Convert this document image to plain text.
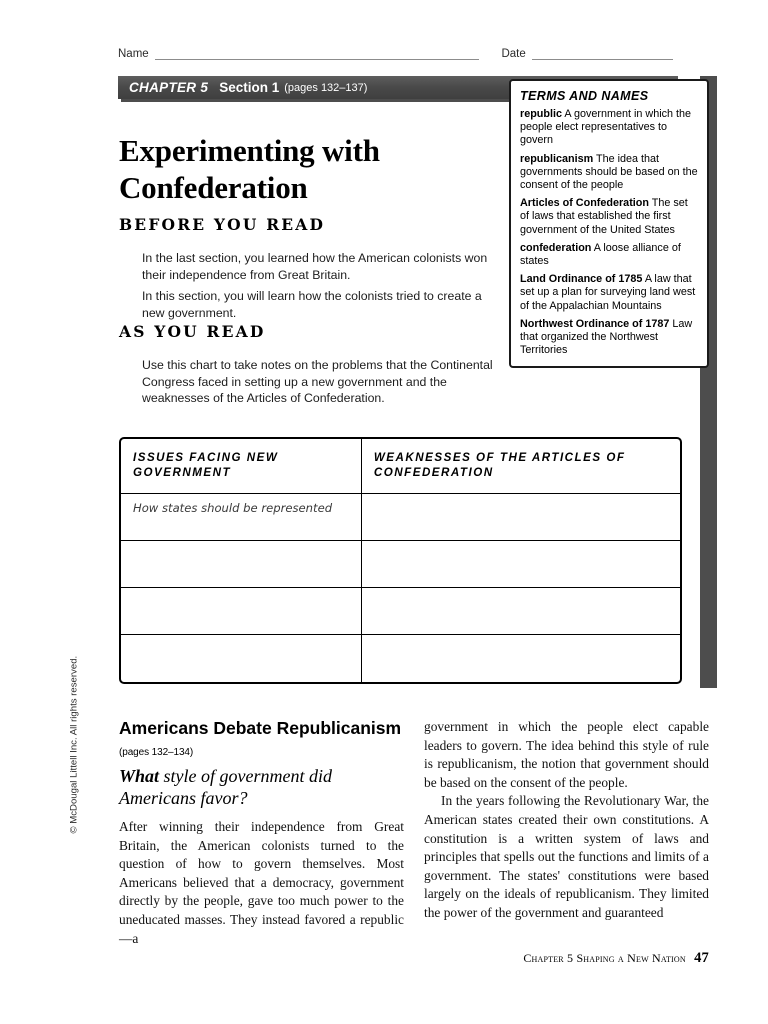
Name	Date
CHAPTER 5 Section 1 (pages 132–137)
TERMS AND NAMES
republic A government in which the people elect representatives to govern
republicanism The idea that governments should be based on the consent of the people
Articles of Confederation The set of laws that established the first government of the United States
confederation A loose alliance of states
Land Ordinance of 1785 A law that set up a plan for surveying land west of the Appalachian Mountains
Northwest Ordinance of 1787 Law that organized the Northwest Territories
Experimenting with Confederation
BEFORE YOU READ

In the last section, you learned how the American colonists won their independence from Great Britain.

In this section, you will learn how the colonists tried to create a new government.

AS YOU READ

Use this chart to take notes on the problems that the Continental Congress faced in setting up a new government and the weaknesses of the Articles of Confederation.

ISSUES FACING NEW GOVERNMENT	WEAKNESSES OF THE ARTICLES OF CONFEDERATION
How states should be represented	

Americans Debate Republicanism (pages 132–134)
What style of government did Americans favor?

After winning their independence from Great Britain, the American colonists turned to the question of how to govern themselves. Most Americans believed that a democracy, government directly by the people, gave too much power to the uneducated masses. They instead favored a republic—a

government in which the people elect capable leaders to govern. The idea behind this style of rule is republicanism, the notion that government should be based on the consent of the people.

In the years following the Revolutionary War, the American states created their own constitutions. A constitution is a written system of laws and principles that spells out the functions and limits of a government. The states' constitutions were based largely on the ideals of republicanism. They limited the power of the government and guaranteed

Chapter 5 Shaping a New Nation 47
© McDougal Littell Inc. All rights reserved.
